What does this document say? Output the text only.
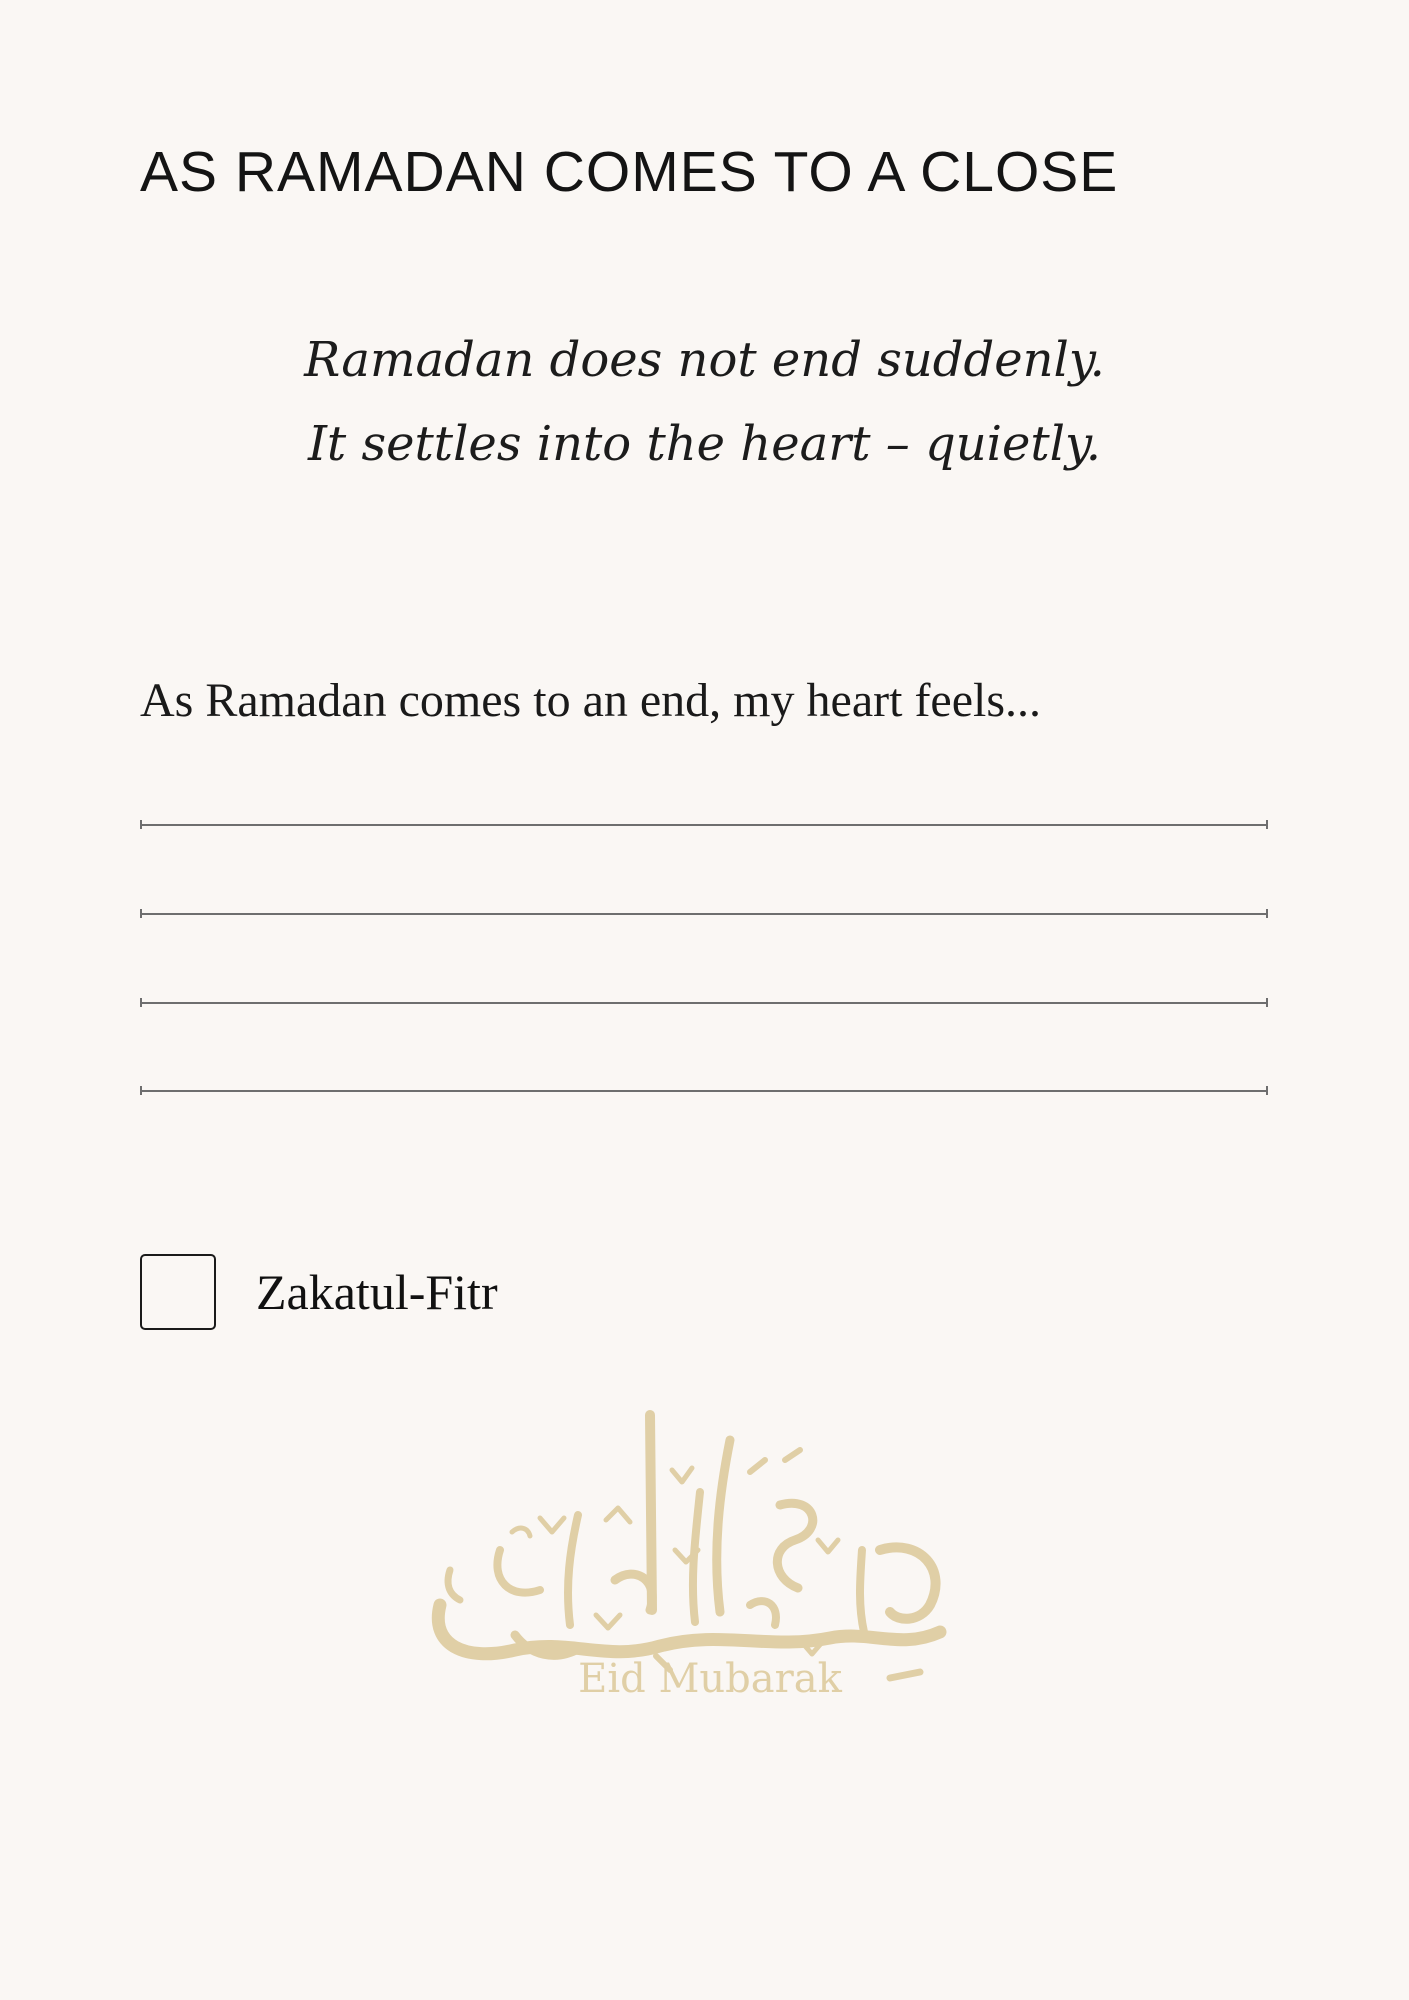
AS RAMADAN COMES TO A CLOSE

Ramadan does not end suddenly.
It settles into the heart – quietly.

As Ramadan comes to an end, my heart feels...

Zakatul-Fitr
Eid Mubarak
